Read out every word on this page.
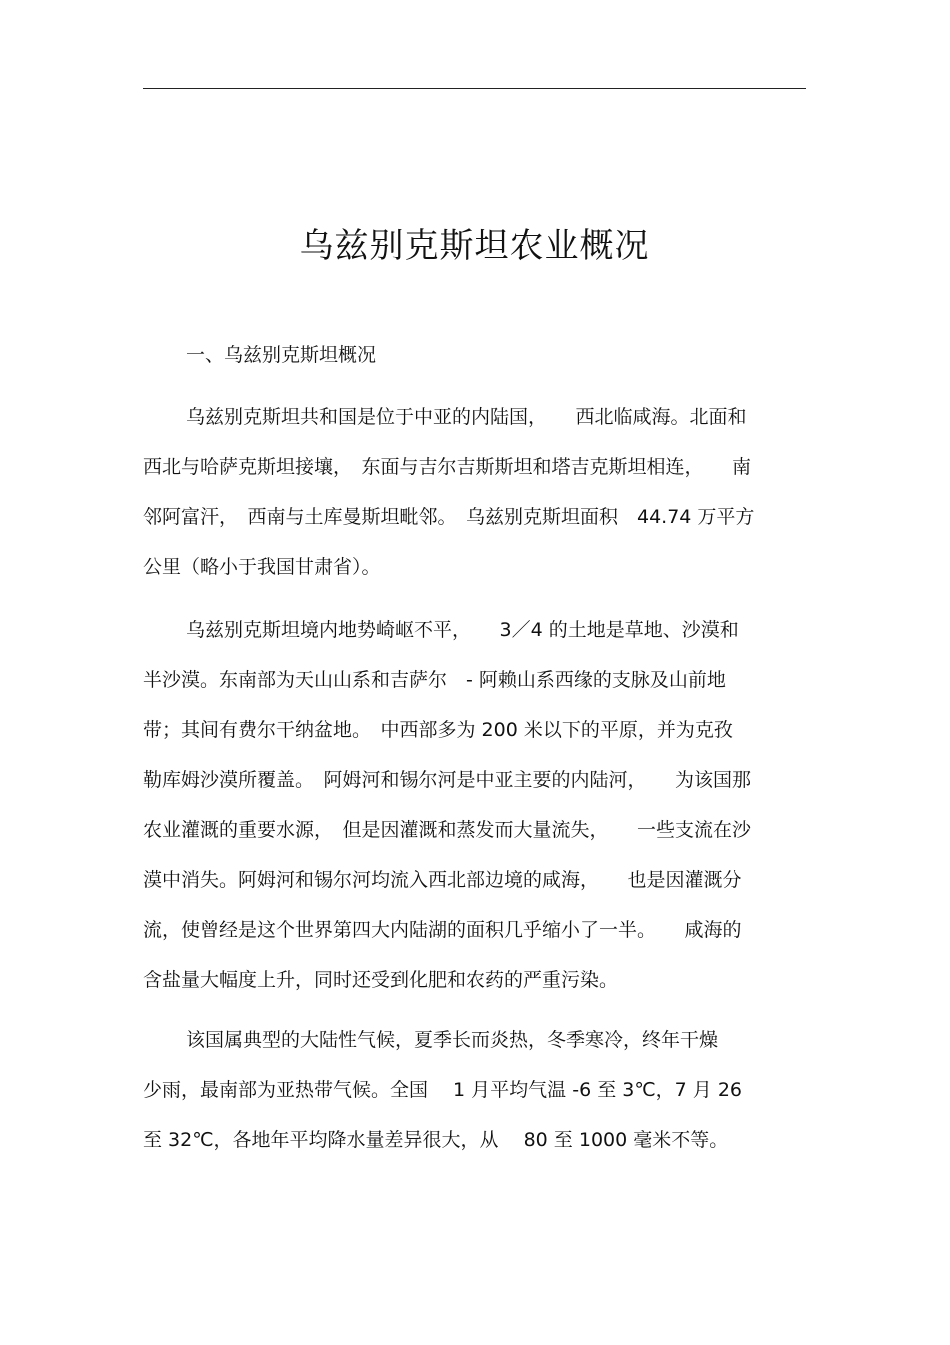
乌兹别克斯坦农业概况
一、乌兹别克斯坦概况
乌兹别克斯坦共和国是位于中亚的内陆国，　　西北临咸海。北面和
西北与哈萨克斯坦接壤，　东面与吉尔吉斯斯坦和塔吉克斯坦相连，　　南
邻阿富汗，　西南与土库曼斯坦毗邻。　乌兹别克斯坦面积　44.74 万平方
公里（略小于我国甘肃省）。
乌兹别克斯坦境内地势崎岖不平，　　3／4 的土地是草地、沙漠和
半沙漠。东南部为天山山系和吉萨尔　- 阿赖山系西缘的支脉及山前地
带；其间有费尔干纳盆地。　中西部多为 200 米以下的平原，并为克孜
勒库姆沙漠所覆盖。　阿姆河和锡尔河是中亚主要的内陆河，　　为该国那
农业灌溉的重要水源，　但是因灌溉和蒸发而大量流失，　　一些支流在沙
漠中消失。阿姆河和锡尔河均流入西北部边境的咸海，　　也是因灌溉分
流，使曾经是这个世界第四大内陆湖的面积几乎缩小了一半。　　咸海的
含盐量大幅度上升，同时还受到化肥和农药的严重污染。
该国属典型的大陆性气候，夏季长而炎热，冬季寒冷，终年干燥
少雨，最南部为亚热带气候。全国　 1 月平均气温 -6 至 3℃，7 月 26
至 32℃，各地年平均降水量差异很大，从　 80 至 1000 毫米不等。
